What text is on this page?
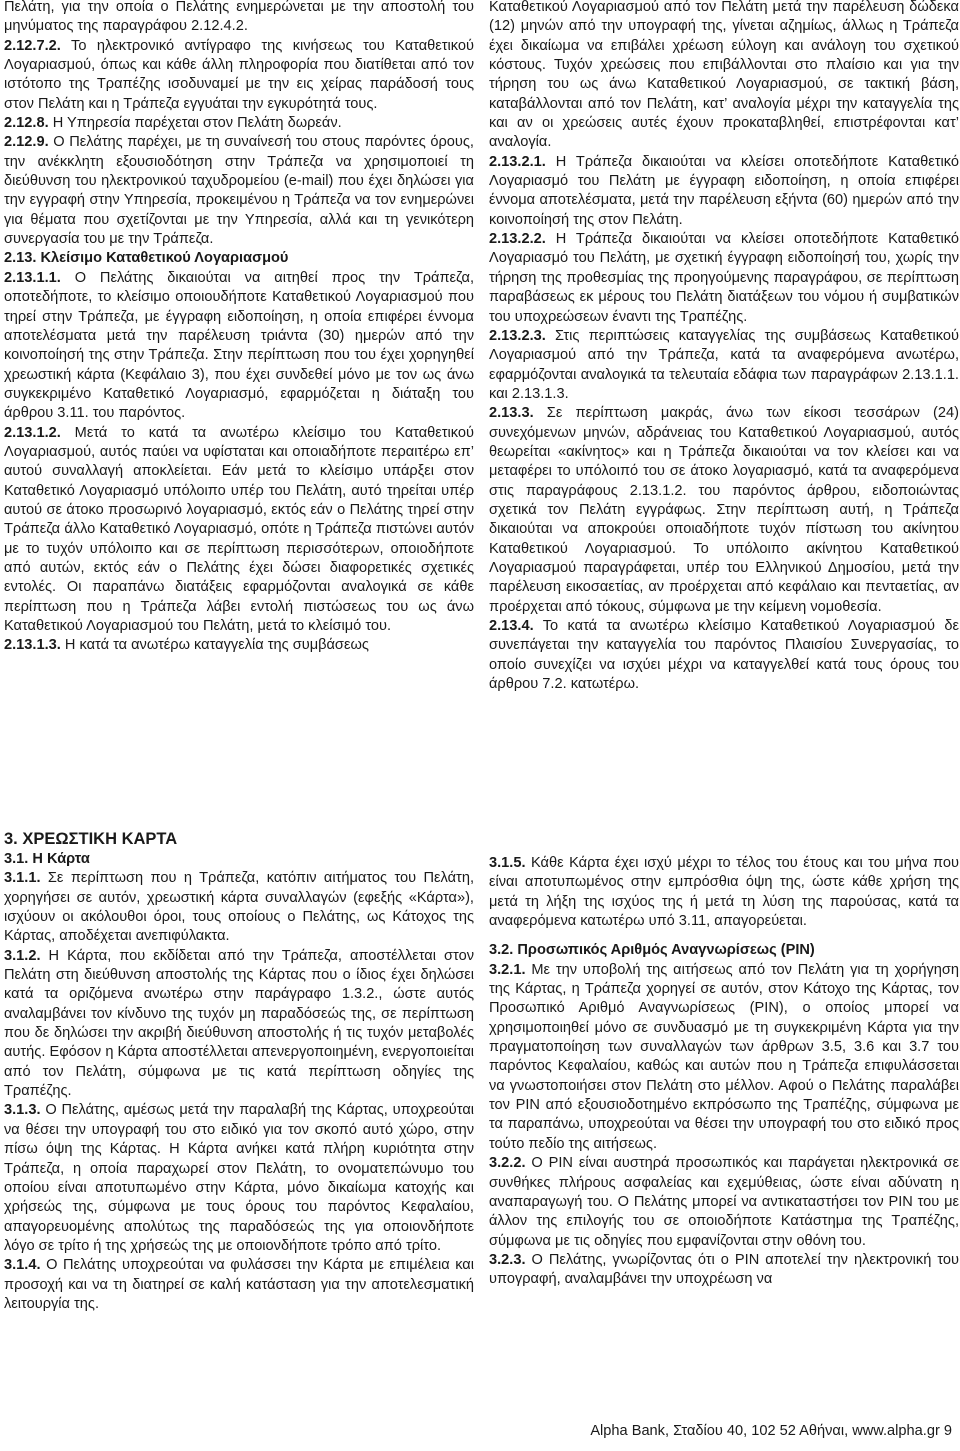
Πελάτη, για την οποία ο Πελάτης ενημερώνεται με την αποστολή του μηνύματος της παραγράφου 2.12.4.2.

2.12.7.2. Το ηλεκτρονικό αντίγραφο της κινήσεως του Καταθετικού Λογαριασμού, όπως και κάθε άλλη πληροφορία που διατίθεται από τον ιστότοπο της Τραπέζης ισοδυναμεί με την εις χείρας παράδοσή τους στον Πελάτη και η Τράπεζα εγγυάται την εγκυρότητά τους.

2.12.8. Η Υπηρεσία παρέχεται στον Πελάτη δωρεάν.

2.12.9. Ο Πελάτης παρέχει, με τη συναίνεσή του στους παρόντες όρους, την ανέκκλητη εξουσιοδότηση στην Τράπεζα να χρησιμοποιεί τη διεύθυνση του ηλεκτρονικού ταχυδρομείου (e-mail) που έχει δηλώσει για την εγγραφή στην Υπηρεσία, προκειμένου η Τράπεζα να τον ενημερώνει για θέματα που σχετίζονται με την Υπηρεσία, αλλά και τη γενικότερη συνεργασία του με την Τράπεζα.

2.13. Κλείσιμο Καταθετικού Λογαριασμού

2.13.1.1. Ο Πελάτης δικαιούται να αιτηθεί προς την Τράπεζα, οποτεδήποτε, το κλείσιμο οποιουδήποτε Καταθετικού Λογαριασμού που τηρεί στην Τράπεζα, με έγγραφη ειδοποίηση, η οποία επιφέρει έννομα αποτελέσματα μετά την παρέλευση τριάντα (30) ημερών από την κοινοποίησή της στην Τράπεζα. Στην περίπτωση που του έχει χορηγηθεί χρεωστική κάρτα (Κεφάλαιο 3), που έχει συνδεθεί μόνο με τον ως άνω συγκεκριμένο Καταθετικό Λογαριασμό, εφαρμόζεται η διάταξη του άρθρου 3.11. του παρόντος.

2.13.1.2. Μετά το κατά τα ανωτέρω κλείσιμο του Καταθετικού Λογαριασμού, αυτός παύει να υφίσταται και οποιαδήποτε περαιτέρω επ’ αυτού συναλλαγή αποκλείεται. Εάν μετά το κλείσιμο υπάρξει στον Καταθετικό Λογαριασμό υπόλοιπο υπέρ του Πελάτη, αυτό τηρείται υπέρ αυτού σε άτοκο προσωρινό λογαριασμό, εκτός εάν ο Πελάτης τηρεί στην Τράπεζα άλλο Καταθετικό Λογαριασμό, οπότε η Τράπεζα πιστώνει αυτόν με το τυχόν υπόλοιπο και σε περίπτωση περισσότερων, οποιοδήποτε από αυτών, εκτός εάν ο Πελάτης έχει δώσει διαφορετικές σχετικές εντολές. Οι παραπάνω διατάξεις εφαρμόζονται αναλογικά σε κάθε περίπτωση που η Τράπεζα λάβει εντολή πιστώσεως του ως άνω Καταθετικού Λογαριασμού του Πελάτη, μετά το κλείσιμό του.

2.13.1.3. Η κατά τα ανωτέρω καταγγελία της συμβάσεως

Καταθετικού Λογαριασμού από τον Πελάτη μετά την παρέλευση δώδεκα (12) μηνών από την υπογραφή της, γίνεται αζημίως, άλλως η Τράπεζα έχει δικαίωμα να επιβάλει χρέωση εύλογη και ανάλογη του σχετικού κόστους. Τυχόν χρεώσεις που επιβάλλονται στο πλαίσιο και για την τήρηση του ως άνω Καταθετικού Λογαριασμού, σε τακτική βάση, καταβάλλονται από τον Πελάτη, κατ’ αναλογία μέχρι την καταγγελία της και αν οι χρεώσεις αυτές έχουν προκαταβληθεί, επιστρέφονται κατ’ αναλογία.

2.13.2.1. Η Τράπεζα δικαιούται να κλείσει οποτεδήποτε Καταθετικό Λογαριασμό του Πελάτη με έγγραφη ειδοποίηση, η οποία επιφέρει έννομα αποτελέσματα, μετά την παρέλευση εξήντα (60) ημερών από την κοινοποίησή της στον Πελάτη.

2.13.2.2. Η Τράπεζα δικαιούται να κλείσει οποτεδήποτε Καταθετικό Λογαριασμό του Πελάτη, με σχετική έγγραφη ειδοποίησή του, χωρίς την τήρηση της προθεσμίας της προηγούμενης παραγράφου, σε περίπτωση παραβάσεως εκ μέρους του Πελάτη διατάξεων του νόμου ή συμβατικών του υποχρεώσεων έναντι της Τραπέζης.

2.13.2.3. Στις περιπτώσεις καταγγελίας της συμβάσεως Καταθετικού Λογαριασμού από την Τράπεζα, κατά τα αναφερόμενα ανωτέρω, εφαρμόζονται αναλογικά τα τελευταία εδάφια των παραγράφων 2.13.1.1. και 2.13.1.3.

2.13.3. Σε περίπτωση μακράς, άνω των είκοσι τεσσάρων (24) συνεχόμενων μηνών, αδράνειας του Καταθετικού Λογαριασμού, αυτός θεωρείται «ακίνητος» και η Τράπεζα δικαιούται να τον κλείσει και να μεταφέρει το υπόλοιπό του σε άτοκο λογαριασμό, κατά τα αναφερόμενα στις παραγράφους 2.13.1.2. του παρόντος άρθρου, ειδοποιώντας σχετικά τον Πελάτη εγγράφως. Στην περίπτωση αυτή, η Τράπεζα δικαιούται να αποκρούει οποιαδήποτε τυχόν πίστωση του ακίνητου Καταθετικού Λογαριασμού. Το υπόλοιπο ακίνητου Καταθετικού Λογαριασμού παραγράφεται, υπέρ του Ελληνικού Δημοσίου, μετά την παρέλευση εικοσαετίας, αν προέρχεται από κεφάλαιο και πενταετίας, αν προέρχεται από τόκους, σύμφωνα με την κείμενη νομοθεσία.

2.13.4. Το κατά τα ανωτέρω κλείσιμο Καταθετικού Λογαριασμού δε συνεπάγεται την καταγγελία του παρόντος Πλαισίου Συνεργασίας, το οποίο συνεχίζει να ισχύει μέχρι να καταγγελθεί κατά τους όρους του άρθρου 7.2. κατωτέρω.

3. ΧΡΕΩΣΤΙΚΗ ΚΑΡΤΑ

3.1. Η Κάρτα

3.1.1. Σε περίπτωση που η Τράπεζα, κατόπιν αιτήματος του Πελάτη, χορηγήσει σε αυτόν, χρεωστική κάρτα συναλλαγών (εφεξής «Κάρτα»), ισχύουν οι ακόλουθοι όροι, τους οποίους ο Πελάτης, ως Κάτοχος της Κάρτας, αποδέχεται ανεπιφύλακτα.

3.1.2. Η Κάρτα, που εκδίδεται από την Τράπεζα, αποστέλλεται στον Πελάτη στη διεύθυνση αποστολής της Κάρτας που ο ίδιος έχει δηλώσει κατά τα οριζόμενα ανωτέρω στην παράγραφο 1.3.2., ώστε αυτός αναλαμβάνει τον κίνδυνο της τυχόν μη παραδόσεώς της, σε περίπτωση που δε δηλώσει την ακριβή διεύθυνση αποστολής ή τις τυχόν μεταβολές αυτής. Εφόσον η Κάρτα αποστέλλεται απενεργοποιημένη, ενεργοποιείται από τον Πελάτη, σύμφωνα με τις κατά περίπτωση οδηγίες της Τραπέζης.

3.1.3. Ο Πελάτης, αμέσως μετά την παραλαβή της Κάρτας, υποχρεούται να θέσει την υπογραφή του στο ειδικό για τον σκοπό αυτό χώρο, στην πίσω όψη της Κάρτας. Η Κάρτα ανήκει κατά πλήρη κυριότητα στην Τράπεζα, η οποία παραχωρεί στον Πελάτη, το ονοματεπώνυμο του οποίου είναι αποτυπωμένο στην Κάρτα, μόνο δικαίωμα κατοχής και χρήσεώς της, σύμφωνα με τους όρους του παρόντος Κεφαλαίου, απαγορευομένης απολύτως της παραδόσεώς της για οποιονδήποτε λόγο σε τρίτο ή της χρήσεώς της με οποιονδήποτε τρόπο από τρίτο.

3.1.4. Ο Πελάτης υποχρεούται να φυλάσσει την Κάρτα με επιμέλεια και προσοχή και να τη διατηρεί σε καλή κατάσταση για την αποτελεσματική λειτουργία της.

3.1.5. Κάθε Κάρτα έχει ισχύ μέχρι το τέλος του έτους και του μήνα που είναι αποτυπωμένος στην εμπρόσθια όψη της, ώστε κάθε χρήση της μετά τη λήξη της ισχύος της ή μετά τη λύση της παρούσας, κατά τα αναφερόμενα κατωτέρω υπό 3.11, απαγορεύεται.

3.2. Προσωπικός Αριθμός Αναγνωρίσεως (PIN)

3.2.1. Με την υποβολή της αιτήσεως από τον Πελάτη για τη χορήγηση της Κάρτας, η Τράπεζα χορηγεί σε αυτόν, στον Κάτοχο της Κάρτας, τον Προσωπικό Αριθμό Αναγνωρίσεως (PIN), ο οποίος μπορεί να χρησιμοποιηθεί μόνο σε συνδυασμό με τη συγκεκριμένη Κάρτα για την πραγματοποίηση των συναλλαγών των άρθρων 3.5, 3.6 και 3.7 του παρόντος Κεφαλαίου, καθώς και αυτών που η Τράπεζα επιφυλάσσεται να γνωστοποιήσει στον Πελάτη στο μέλλον. Αφού ο Πελάτης παραλάβει τον PIN από εξουσιοδοτημένο εκπρόσωπο της Τραπέζης, σύμφωνα με τα παραπάνω, υποχρεούται να θέσει την υπογραφή του στο ειδικό προς τούτο πεδίο της αιτήσεως.

3.2.2. Ο PIN είναι αυστηρά προσωπικός και παράγεται ηλεκτρονικά σε συνθήκες πλήρους ασφαλείας και εχεμύθειας, ώστε είναι αδύνατη η αναπαραγωγή του. Ο Πελάτης μπορεί να αντικαταστήσει τον PIN του με άλλον της επιλογής του σε οποιοδήποτε Κατάστημα της Τραπέζης, σύμφωνα με τις οδηγίες που εμφανίζονται στην οθόνη του.

3.2.3. Ο Πελάτης, γνωρίζοντας ότι ο PIN αποτελεί την ηλεκτρονική του υπογραφή, αναλαμβάνει την υποχρέωση να

Alpha Bank, Σταδίου 40, 102 52 Αθήναι, www.alpha.gr 9
